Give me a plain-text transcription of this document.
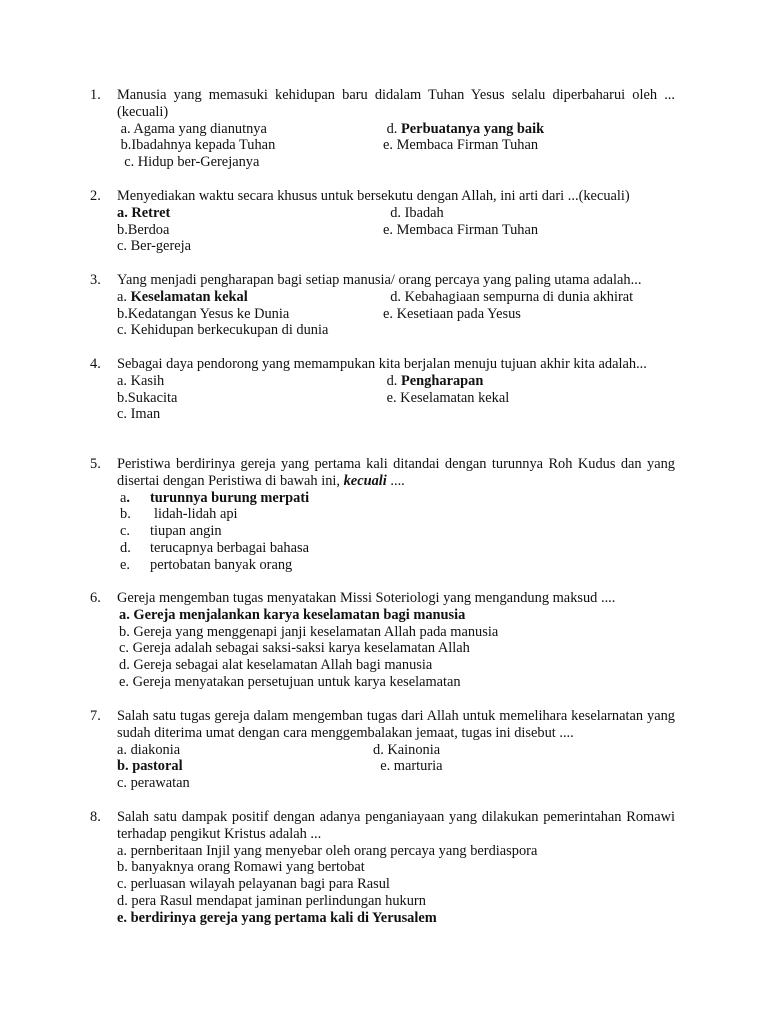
1.	Manusia yang memasuki kehidupan baru didalam Tuhan Yesus selalu diperbaharui oleh ... (kecuali)
a. Agama yang dianutnya	d. Perbuatanya yang baik
b.Ibadahnya kepada Tuhan	e. Membaca Firman Tuhan
c. Hidup ber-Gerejanya
2.	Menyediakan waktu secara khusus untuk bersekutu dengan Allah, ini arti dari ...(kecuali)
a. Retret	d. Ibadah
b.Berdoa	e. Membaca Firman Tuhan
c. Ber-gereja
3.	Yang menjadi pengharapan bagi setiap manusia/ orang percaya yang paling utama adalah...
a. Keselamatan kekal	d. Kebahagiaan sempurna di dunia akhirat
b.Kedatangan Yesus ke Dunia	e. Kesetiaan pada Yesus
c. Kehidupan berkecukupan di dunia
4.	Sebagai daya pendorong yang memampukan kita berjalan menuju tujuan akhir kita adalah...
a. Kasih	d. Pengharapan
b.Sukacita	e. Keselamatan kekal
c. Iman
5.	Peristiwa berdirinya gereja yang pertama kali ditandai dengan turunnya Roh Kudus dan yang disertai dengan Peristiwa di bawah ini, kecuali ....
a.	turunnya burung merpati
b.	lidah-lidah api
c.	tiupan angin
d.	terucapnya berbagai bahasa
e.	pertobatan banyak orang
6.	Gereja mengemban tugas menyatakan Missi Soteriologi yang mengandung maksud ....
a. Gereja menjalankan karya keselamatan bagi manusia
b. Gereja yang menggenapi janji keselamatan Allah pada manusia
c. Gereja adalah sebagai saksi-saksi karya keselamatan Allah
d. Gereja sebagai alat keselamatan Allah bagi manusia
e. Gereja menyatakan persetujuan untuk karya keselamatan
7.	Salah satu tugas gereja dalam mengemban tugas dari Allah untuk memelihara keselarnatan yang sudah diterima umat dengan cara menggembalakan jemaat, tugas ini disebut ....
a. diakonia	d. Kainonia
b. pastoral	e. marturia
c. perawatan
8.	Salah satu dampak positif dengan adanya penganiayaan yang dilakukan pemerintahan Romawi terhadap pengikut Kristus adalah ...
a. pernberitaan Injil yang menyebar oleh orang percaya yang berdiaspora
b. banyaknya orang Romawi yang bertobat
c. perluasan wilayah pelayanan bagi para Rasul
d. pera Rasul mendapat jaminan perlindungan hukurn
e. berdirinya gereja yang pertama kali di Yerusalem
